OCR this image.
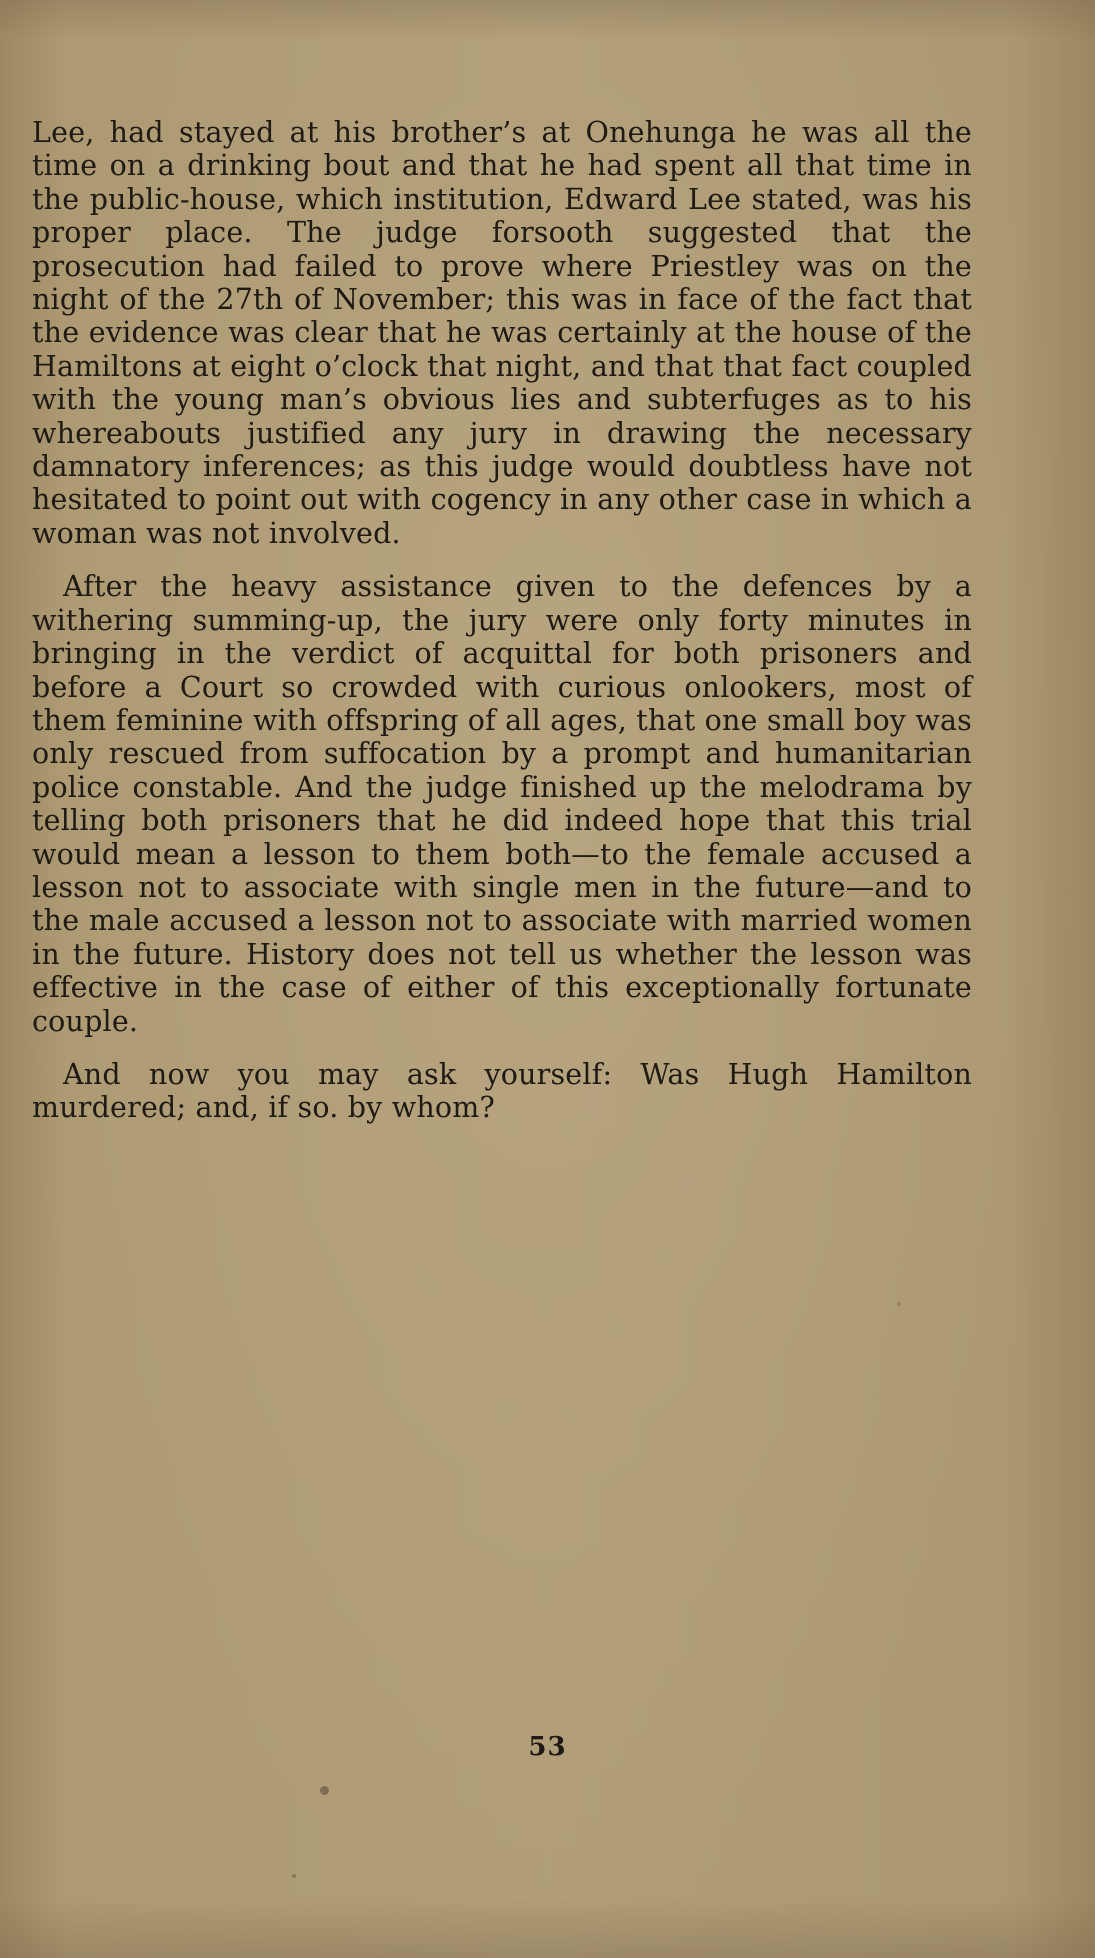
Lee, had stayed at his brother’s at Onehunga he was all the time on a drinking bout and that he had spent all that time in the public-house, which institution, Edward Lee stated, was his proper place. The judge forsooth suggested that the prosecution had failed to prove where Priestley was on the night of the 27th of November; this was in face of the fact that the evidence was clear that he was certainly at the house of the Hamiltons at eight o’clock that night, and that that fact coupled with the young man’s obvious lies and subterfuges as to his whereabouts justified any jury in drawing the necessary damnatory inferences; as this judge would doubtless have not hesitated to point out with cogency in any other case in which a woman was not involved.

After the heavy assistance given to the defences by a withering summing-up, the jury were only forty minutes in bringing in the verdict of acquittal for both prisoners and before a Court so crowded with curious onlookers, most of them feminine with offspring of all ages, that one small boy was only rescued from suffocation by a prompt and humanitarian police constable. And the judge finished up the melodrama by telling both prisoners that he did indeed hope that this trial would mean a lesson to them both—to the female accused a lesson not to associate with single men in the future—and to the male accused a lesson not to associate with married women in the future. History does not tell us whether the lesson was effective in the case of either of this exceptionally fortunate couple.

And now you may ask yourself: Was Hugh Hamilton murdered; and, if so. by whom?

53
